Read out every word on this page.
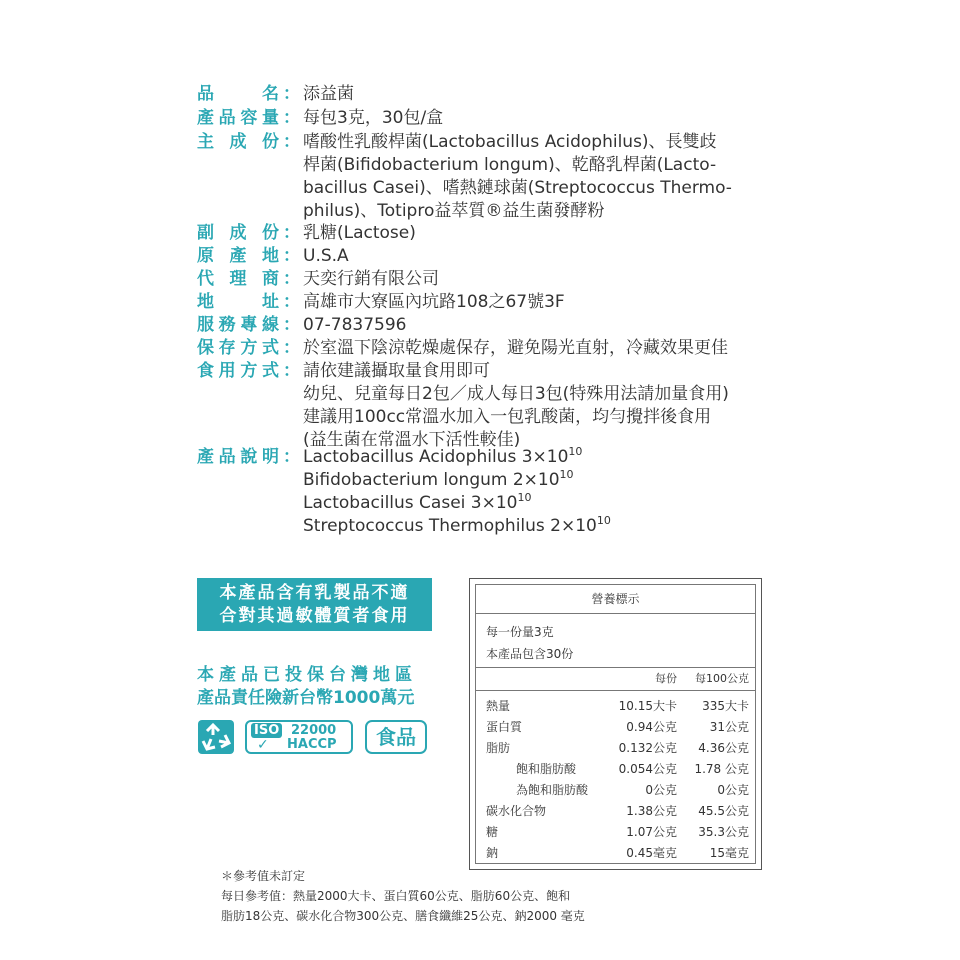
品名 ： 添益菌
產品容量 ： 每包3克，30包/盒
主成份 ： 嗜酸性乳酸桿菌(Lactobacillus Acidophilus)、長雙歧
桿菌(Bifidobacterium longum)、乾酪乳桿菌(Lacto-
bacillus Casei)、嗜熱鏈球菌(Streptococcus Thermo-
philus)、Totipro益萃質®益生菌發酵粉
副成份 ： 乳糖(Lactose)
原產地 ： U.S.A
代理商 ： 天奕行銷有限公司
地址 ： 高雄市大寮區內坑路108之67號3F
服務專線 ： 07-7837596
保存方式 ： 於室溫下陰涼乾燥處保存，避免陽光直射，冷藏效果更佳
食用方式 ： 請依建議攝取量食用即可
幼兒、兒童每日2包／成人每日3包(特殊用法請加量食用)
建議用100cc常溫水加入一包乳酸菌，均勻攪拌後食用
(益生菌在常溫水下活性較佳)
產品說明 ： Lactobacillus Acidophilus $3\times 10^{10}$
Bifidobacterium longum $2\times 10^{10}$
Lactobacillus Casei $3\times 10^{10}$
Streptococcus Thermophilus $2\times 10^{10}$
本產品含有乳製品不適
合對其過敏體質者食用
本產品已投保台灣地區
產品責任險新台幣1000萬元
ISO
✓
22000
HACCP	食品
營養標示
每一份量3克
本產品包含30份
每份 每100公克
熱量	10.15大卡 335大卡
蛋白質	0.94公克	31公克
脂肪	0.132公克 4.36公克
飽和脂肪酸	0.054公克 1.78 公克
為飽和脂肪酸	0公克	0公克
碳水化合物	1.38公克 45.5公克
糖	1.07公克 35.3公克
鈉	0.45毫克	15毫克
＊參考值未訂定
每日參考值：熱量2000大卡、蛋白質60公克、脂肪60公克、飽和
脂肪18公克、碳水化合物300公克、膳食纖維25公克、鈉2000 毫克
